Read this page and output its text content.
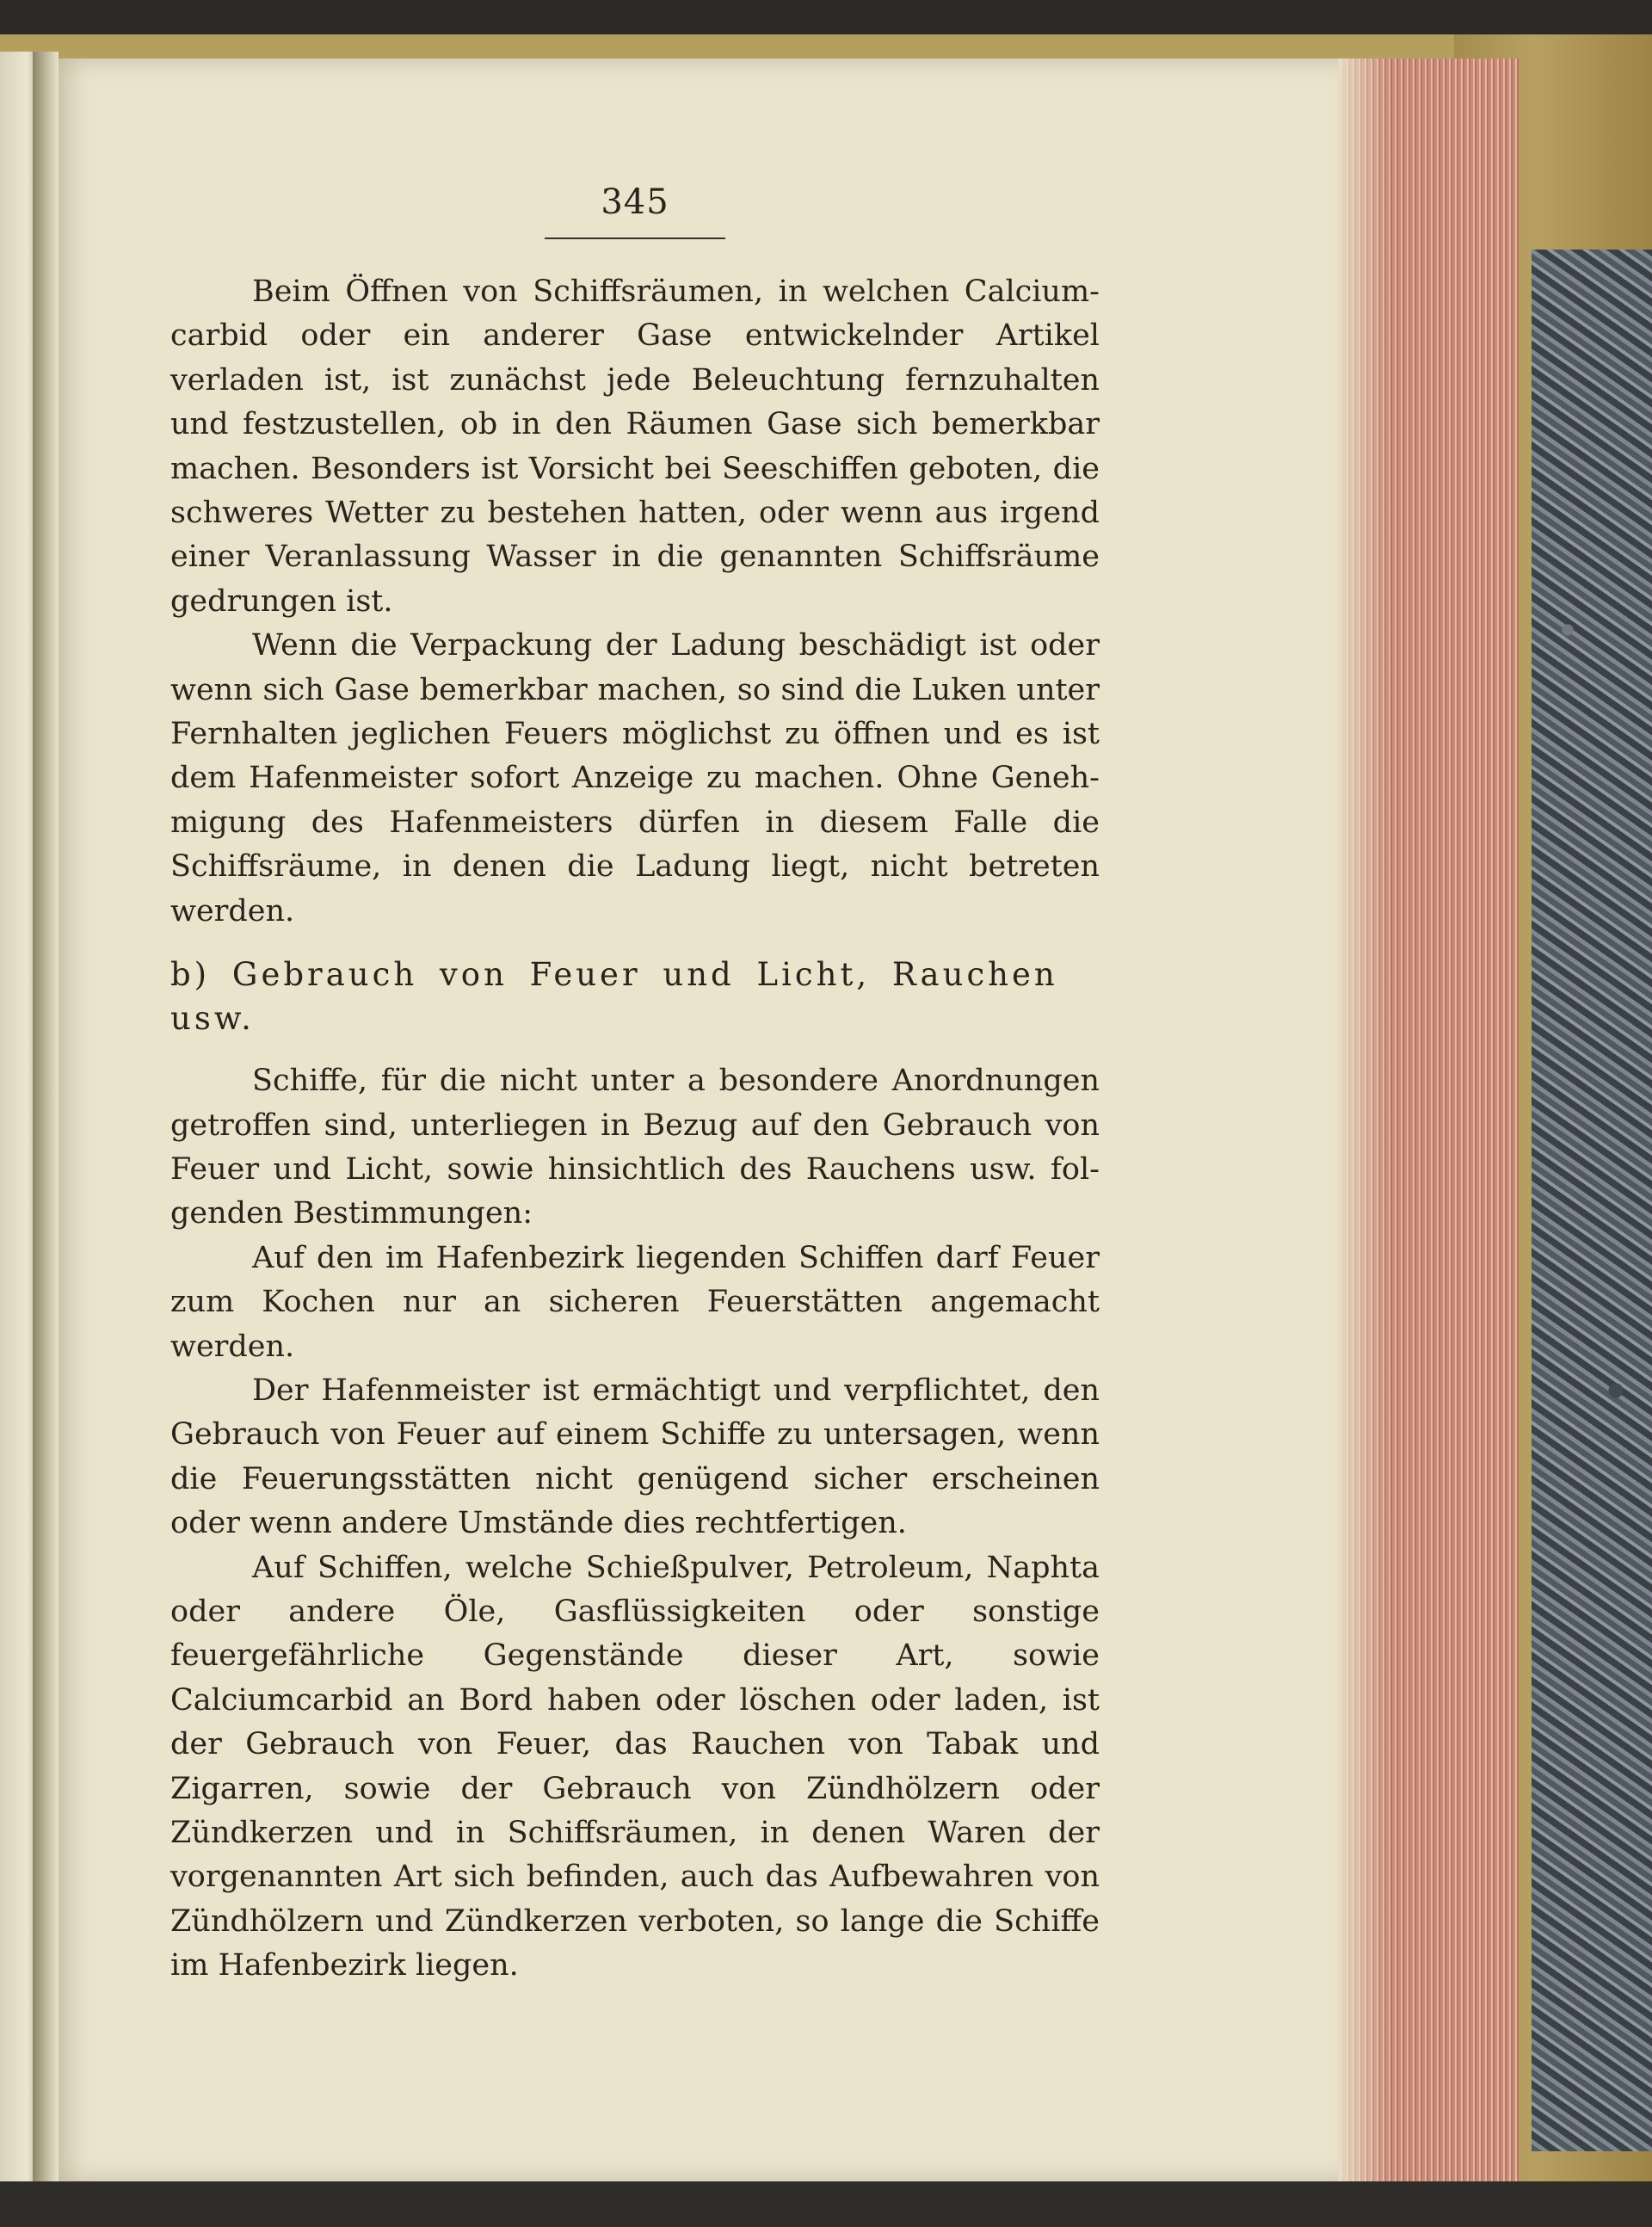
345

Beim Öffnen von Schiffsräumen, in welchen Calciumcarbid oder ein anderer Gase entwickelnder Artikel verladen ist, ist zunächst jede Beleuchtung fernzuhalten und festzustellen, ob in den Räumen Gase sich bemerkbar machen. Besonders ist Vorsicht bei Seeschiffen geboten, die schweres Wetter zu bestehen hatten, oder wenn aus irgend einer Veranlassung Wasser in die genannten Schiffsräume gedrungen ist.

Wenn die Verpackung der Ladung beschädigt ist oder wenn sich Gase bemerkbar machen, so sind die Luken unter Fernhalten jeglichen Feuers möglichst zu öffnen und es ist dem Hafenmeister sofort Anzeige zu machen. Ohne Genehmigung des Hafenmeisters dürfen in diesem Falle die Schiffsräume, in denen die Ladung liegt, nicht betreten werden.

b) Gebrauch von Feuer und Licht, Rauchen usw.

Schiffe, für die nicht unter a besondere Anordnungen getroffen sind, unterliegen in Bezug auf den Gebrauch von Feuer und Licht, sowie hinsichtlich des Rauchens usw. folgenden Bestimmungen:

Auf den im Hafenbezirk liegenden Schiffen darf Feuer zum Kochen nur an sicheren Feuerstätten angemacht werden.

Der Hafenmeister ist ermächtigt und verpflichtet, den Gebrauch von Feuer auf einem Schiffe zu untersagen, wenn die Feuerungsstätten nicht genügend sicher erscheinen oder wenn andere Umstände dies rechtfertigen.

Auf Schiffen, welche Schießpulver, Petroleum, Naphta oder andere Öle, Gasflüssigkeiten oder sonstige feuergefährliche Gegenstände dieser Art, sowie Calciumcarbid an Bord haben oder löschen oder laden, ist der Gebrauch von Feuer, das Rauchen von Tabak und Zigarren, sowie der Gebrauch von Zündhölzern oder Zündkerzen und in Schiffsräumen, in denen Waren der vorgenannten Art sich befinden, auch das Aufbewahren von Zündhölzern und Zündkerzen verboten, so lange die Schiffe im Hafenbezirk liegen.
